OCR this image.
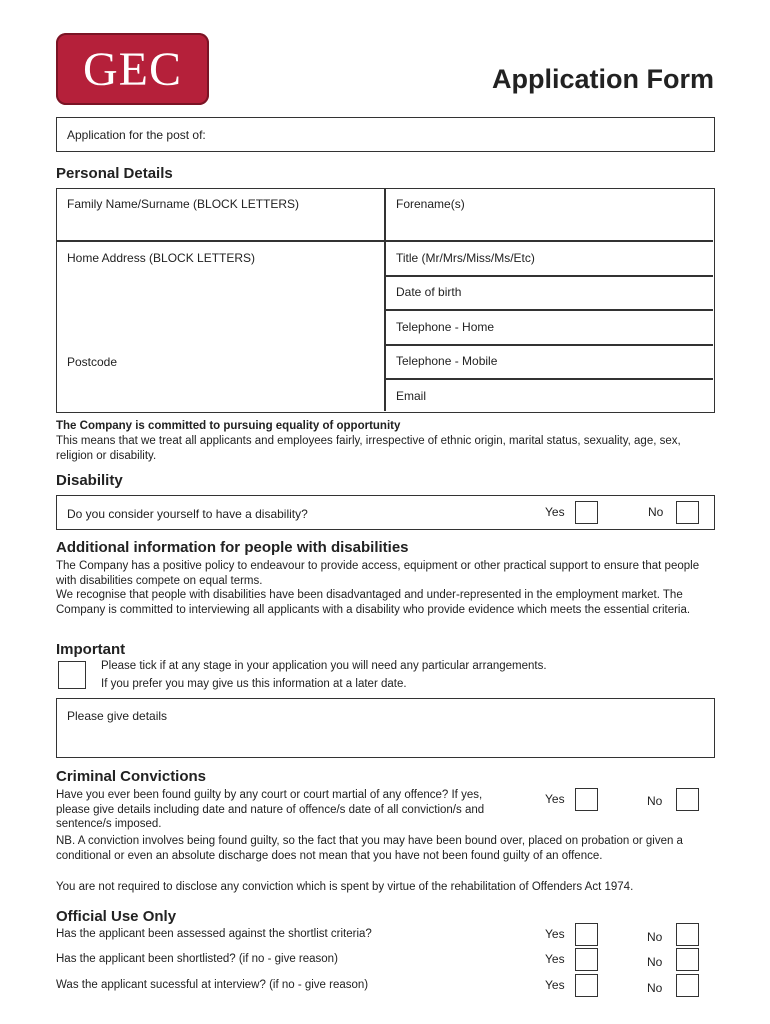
GEC	Application Form
Application for the post of:
Personal Details
Family Name/Surname (BLOCK LETTERS)	Forename(s)
Home Address (BLOCK LETTERS)
Postcode
Title (Mr/Mrs/Miss/Ms/Etc)
Date of birth
Telephone - Home
Telephone - Mobile
Email
The Company is committed to pursuing equality of opportunity
This means that we treat all applicants and employees fairly, irrespective of ethnic origin, marital status, sexuality, age, sex, religion or disability.
Disability
Do you consider yourself to have a disability?	Yes	No
Additional information for people with disabilities
The Company has a positive policy to endeavour to provide access, equipment or other practical support to ensure that people with disabilities compete on equal terms.
We recognise that people with disabilities have been disadvantaged and under-represented in the employment market. The Company is committed to interviewing all applicants with a disability who provide evidence which meets the essential criteria.
Important
Please tick if at any stage in your application you will need any particular arrangements.
If you prefer you may give us this information at a later date.
Please give details
Criminal Convictions
Have you ever been found guilty by any court or court martial of any offence? If yes, please give details including date and nature of offence/s date of all conviction/s and sentence/s imposed.
Yes	No
NB. A conviction involves being found guilty, so the fact that you may have been bound over, placed on probation or given a conditional or even an absolute discharge does not mean that you have not been found guilty of an offence.
You are not required to disclose any conviction which is spent by virtue of the rehabilitation of Offenders Act 1974.
Official Use Only
Has the applicant been assessed against the shortlist criteria?	Yes	No
Has the applicant been shortlisted? (if no - give reason)	Yes	No
Was the applicant sucessful at interview? (if no - give reason)	Yes	No
